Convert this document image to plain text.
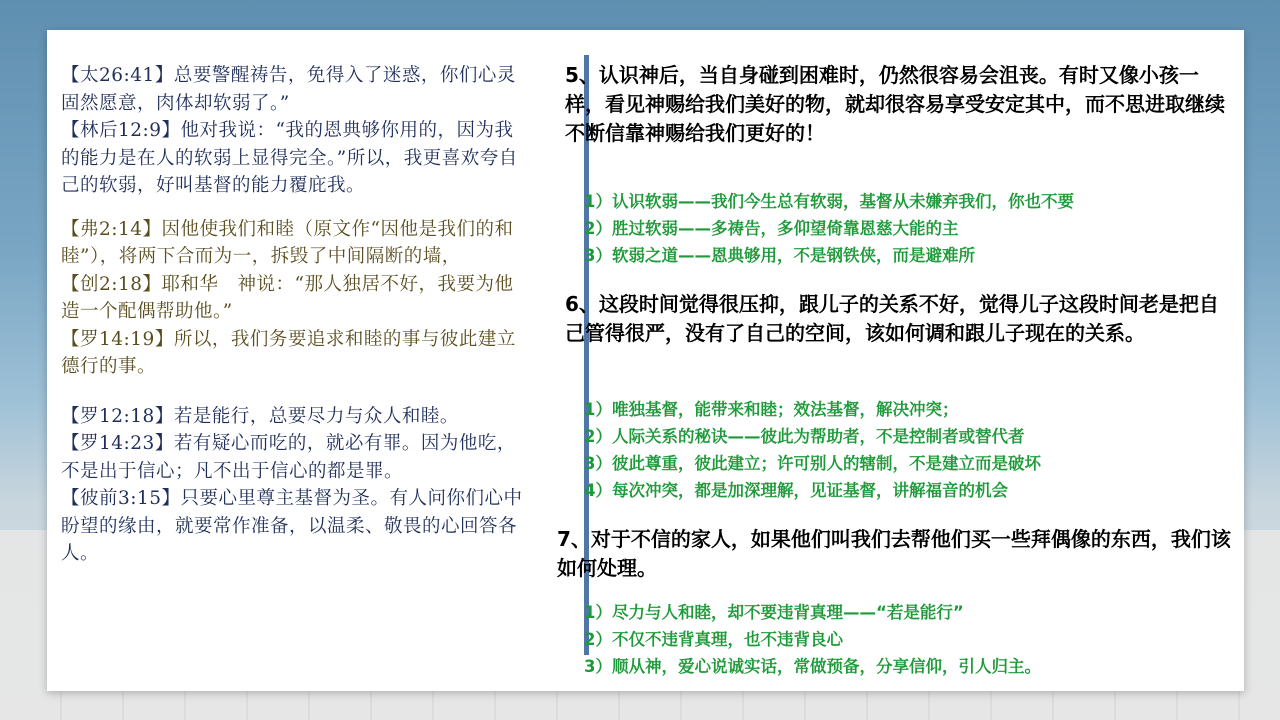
【太26:41】总要警醒祷告，免得入了迷惑，你们心灵固然愿意，肉体却软弱了。”

【林后12:9】他对我说：“我的恩典够你用的，因为我的能力是在人的软弱上显得完全。”所以，我更喜欢夸自己的软弱，好叫基督的能力覆庇我。

【弗2:14】因他使我们和睦（原文作“因他是我们的和睦”），将两下合而为一，拆毁了中间隔断的墙，

【创2:18】耶和华　神说：“那人独居不好，我要为他造一个配偶帮助他。”

【罗14:19】所以，我们务要追求和睦的事与彼此建立德行的事。

【罗12:18】若是能行，总要尽力与众人和睦。

【罗14:23】若有疑心而吃的，就必有罪。因为他吃，不是出于信心；凡不出于信心的都是罪。

【彼前3:15】只要心里尊主基督为圣。有人问你们心中盼望的缘由，就要常作准备，以温柔、敬畏的心回答各人。

5、认识神后，当自身碰到困难时，仍然很容易会沮丧。有时又像小孩一样，看见神赐给我们美好的物，就却很容易享受安定其中，而不思进取继续不断信靠神赐给我们更好的！

1）认识软弱——我们今生总有软弱，基督从未嫌弃我们，你也不要
2）胜过软弱——多祷告，多仰望倚靠恩慈大能的主
3）软弱之道——恩典够用，不是钢铁侠，而是避难所

6、这段时间觉得很压抑，跟儿子的关系不好，觉得儿子这段时间老是把自己管得很严，没有了自己的空间，该如何调和跟儿子现在的关系。

1）唯独基督，能带来和睦；效法基督，解决冲突；
2）人际关系的秘诀——彼此为帮助者，不是控制者或替代者
3）彼此尊重，彼此建立；许可别人的辖制，不是建立而是破坏
4）每次冲突，都是加深理解，见证基督，讲解福音的机会

7、对于不信的家人，如果他们叫我们去帮他们买一些拜偶像的东西，我们该如何处理。

1）尽力与人和睦，却不要违背真理——“若是能行”
2）不仅不违背真理，也不违背良心
3）顺从神，爱心说诚实话，常做预备，分享信仰，引人归主。
